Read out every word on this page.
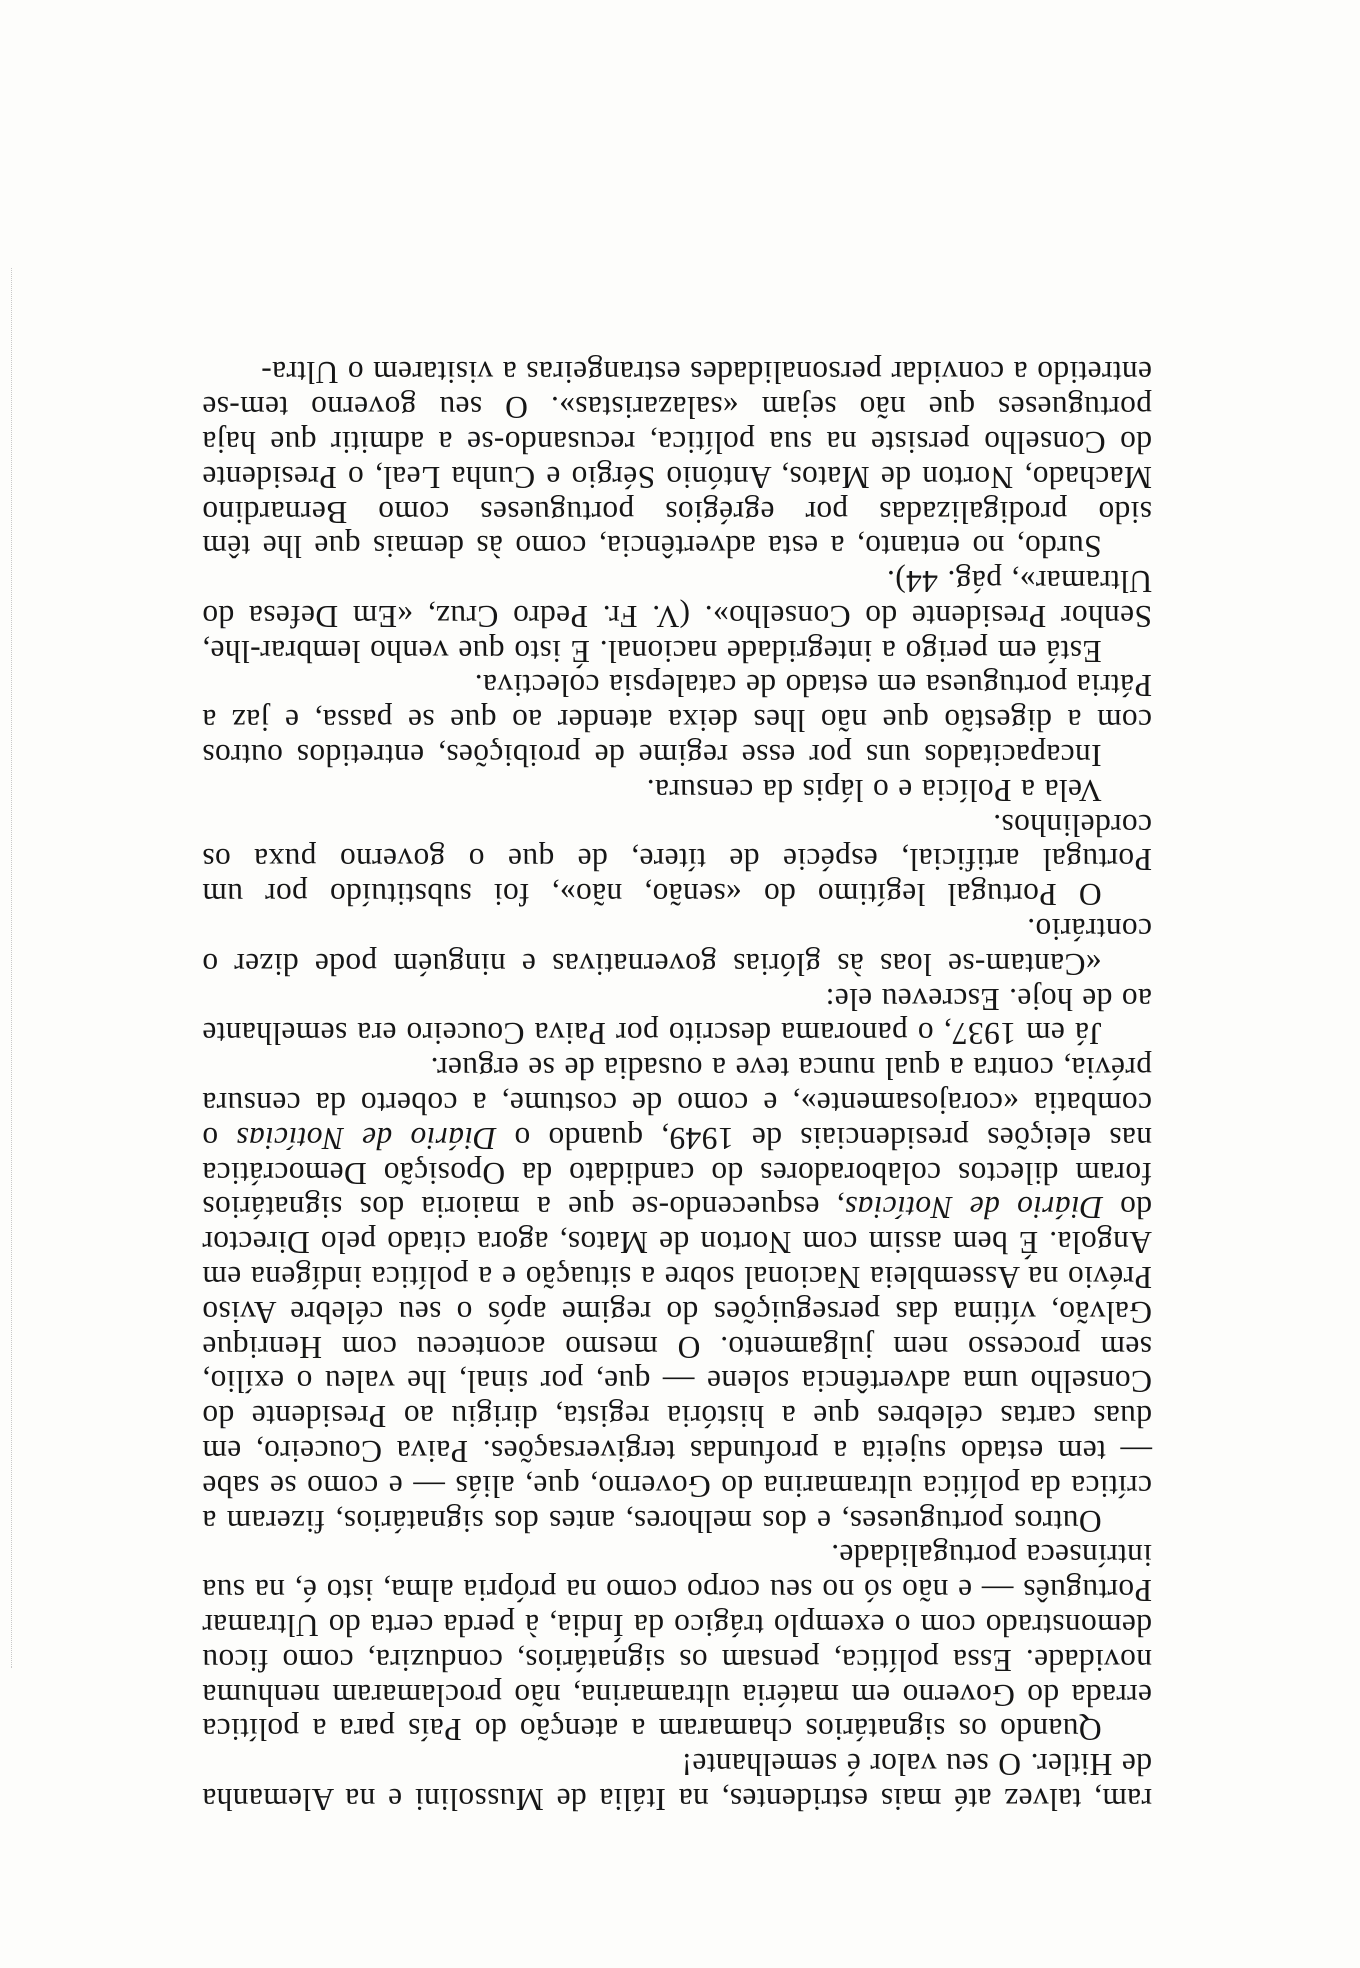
ram, talvez até mais estridentes, na Itália de Mussolini e na Alemanha de Hitler. O seu valor é semelhante!

Quando os signatários chamaram a atenção do País para a política errada do Governo em matéria ultramarina, não proclamaram nenhuma novidade. Essa política, pensam os signatários, conduzira, como ficou demonstrado com o exemplo trágico da Índia, à perda certa do Ultramar Português — e não só no seu corpo como na própria alma, isto é, na sua intrínseca portugalidade.

Outros portugueses, e dos melhores, antes dos signatários, fizeram a crítica da política ultramarina do Governo, que, aliás — e como se sabe — tem estado sujeita a profundas tergiversações. Paiva Couceiro, em duas cartas célebres que a história regista, dirigiu ao Presidente do Conselho uma advertência solene — que, por sinal, lhe valeu o exílio, sem processo nem julgamento. O mesmo aconteceu com Henrique Galvão, vítima das perseguições do regime após o seu célebre Aviso Prévio na Assembleia Nacional sobre a situação e a política indígena em Angola. É bem assim com Norton de Matos, agora citado pelo Director do Diário de Notícias, esquecendo-se que a maioria dos signatários foram dilectos colaboradores do candidato da Oposição Democrática nas eleições presidenciais de 1949, quando o Diário de Notícias o combatia «corajosamente», e como de costume, a coberto da censura prévia, contra a qual nunca teve a ousadia de se erguer.

Já em 1937, o panorama descrito por Paiva Couceiro era semelhante ao de hoje. Escreveu ele:

«Cantam-se loas às glórias governativas e ninguém pode dizer o contrário.

O Portugal legítimo do «senão, não», foi substituído por um Portugal artificial, espécie de títere, de que o governo puxa os cordelinhos.

Vela a Polícia e o lápis da censura.

Incapacitados uns por esse regime de proibições, entretidos outros com a digestão que não lhes deixa atender ao que se passa, e jaz a Pátria portuguesa em estado de catalepsia colectiva.

Está em perigo a integridade nacional. É isto que venho lembrar-lhe, Senhor Presidente do Conselho». (V. Fr. Pedro Cruz, «Em Defesa do Ultramar», pág. 44).

Surdo, no entanto, a esta advertência, como às demais que lhe têm sido prodigalizadas por egrégios portugueses como Bernardino Machado, Norton de Matos, António Sérgio e Cunha Leal, o Presidente do Conselho persiste na sua política, recusando-se a admitir que haja portugueses que não sejam «salazaristas». O seu governo tem-se entretido a convidar personalidades estrangeiras a visitarem o Ultra-
